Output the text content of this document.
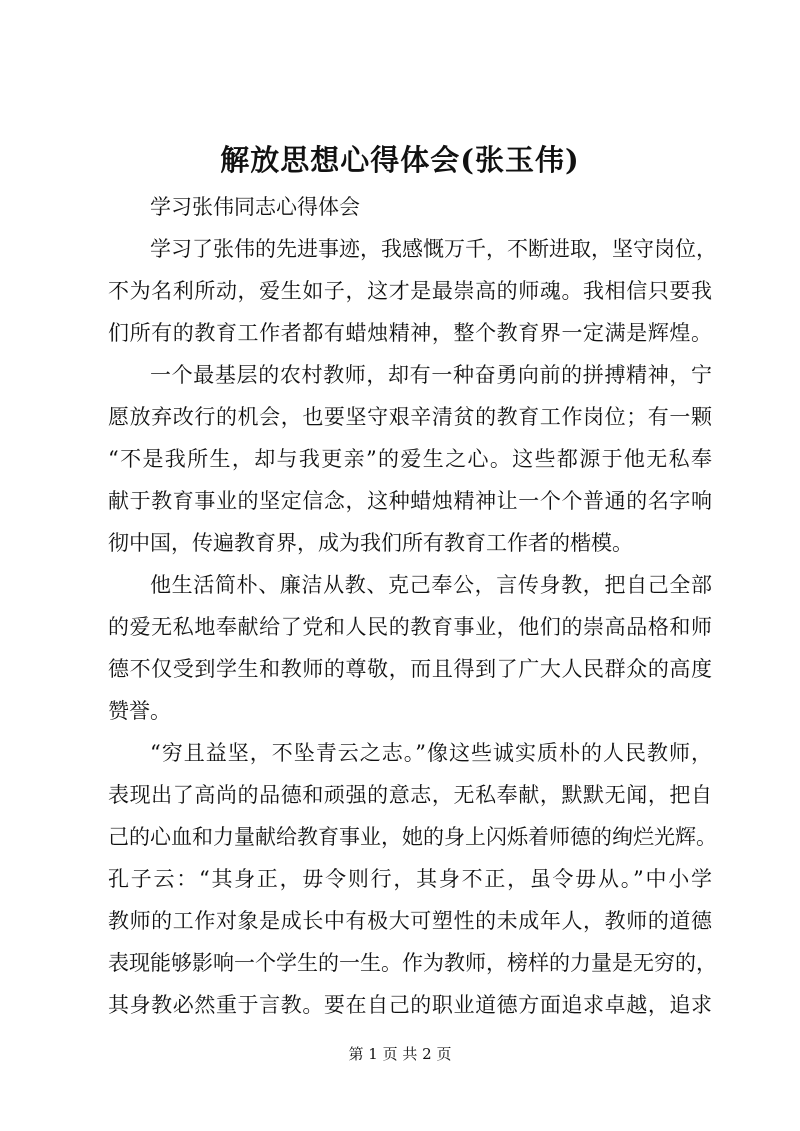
解放思想心得体会(张玉伟)
学习张伟同志心得体会
学习了张伟的先进事迹，我感慨万千，不断进取，坚守岗位，
不为名利所动，爱生如子，这才是最崇高的师魂。我相信只要我
们所有的教育工作者都有蜡烛精神，整个教育界一定满是辉煌。
一个最基层的农村教师，却有一种奋勇向前的拼搏精神，宁
愿放弃改行的机会，也要坚守艰辛清贫的教育工作岗位；有一颗
“不是我所生，却与我更亲”的爱生之心。这些都源于他无私奉
献于教育事业的坚定信念，这种蜡烛精神让一个个普通的名字响
彻中国，传遍教育界，成为我们所有教育工作者的楷模。
他生活简朴、廉洁从教、克己奉公，言传身教，把自己全部
的爱无私地奉献给了党和人民的教育事业，他们的崇高品格和师
德不仅受到学生和教师的尊敬，而且得到了广大人民群众的高度
赞誉。
“穷且益坚，不坠青云之志。”像这些诚实质朴的人民教师，
表现出了高尚的品德和顽强的意志，无私奉献，默默无闻，把自
己的心血和力量献给教育事业，她的身上闪烁着师德的绚烂光辉。
孔子云：“其身正，毋令则行，其身不正，虽令毋从。”中小学
教师的工作对象是成长中有极大可塑性的未成年人，教师的道德
表现能够影响一个学生的一生。作为教师，榜样的力量是无穷的，
其身教必然重于言教。要在自己的职业道德方面追求卓越，追求
第 1 页 共 2 页
